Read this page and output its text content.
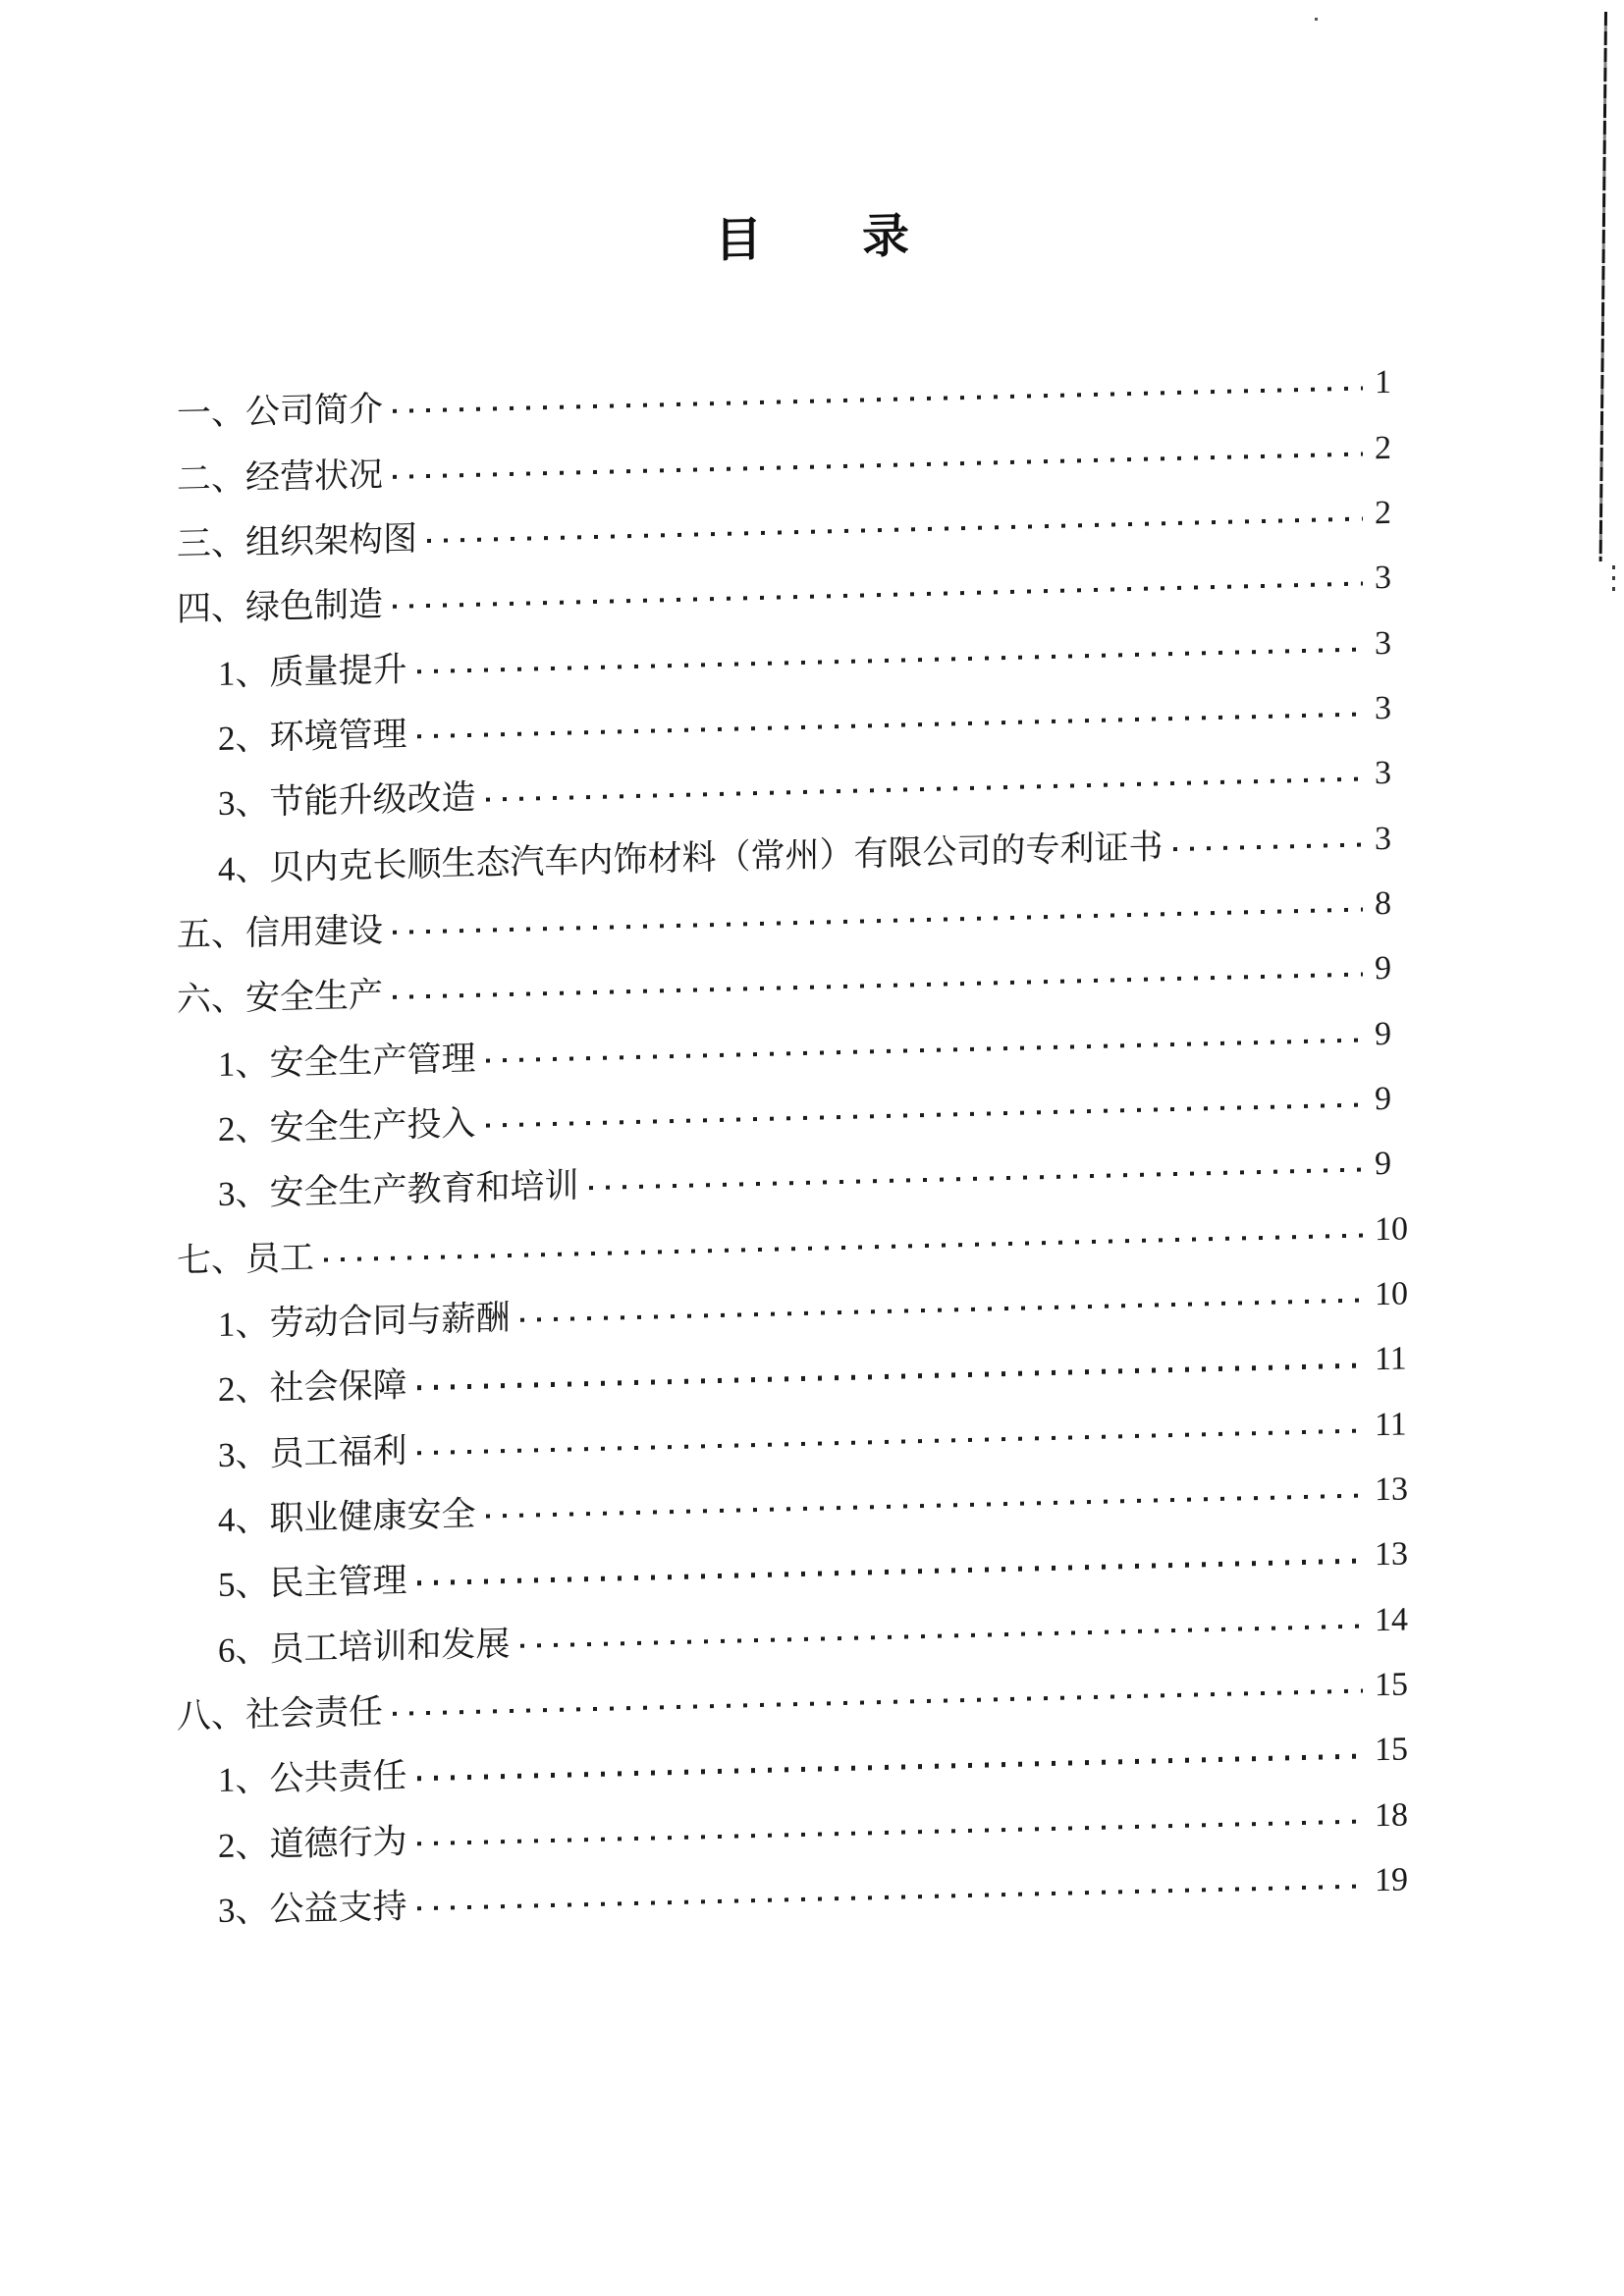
目　　录
一、公司简介
1
二、经营状况
2
三、组织架构图
2
四、绿色制造
3
1、质量提升
3
2、环境管理
3
3、节能升级改造
3
4、贝内克长顺生态汽车内饰材料（常州）有限公司的专利证书	3
五、信用建设
8
六、安全生产
9
1、安全生产管理
9
2、安全生产投入
9
3、安全生产教育和培训
9
七、员工
10
1、劳动合同与薪酬
10
2、社会保障
11
3、员工福利
11
4、职业健康安全
13
5、民主管理
13
6、员工培训和发展
14
八、社会责任
15
1、公共责任
15
2、道德行为
18
3、公益支持
19
